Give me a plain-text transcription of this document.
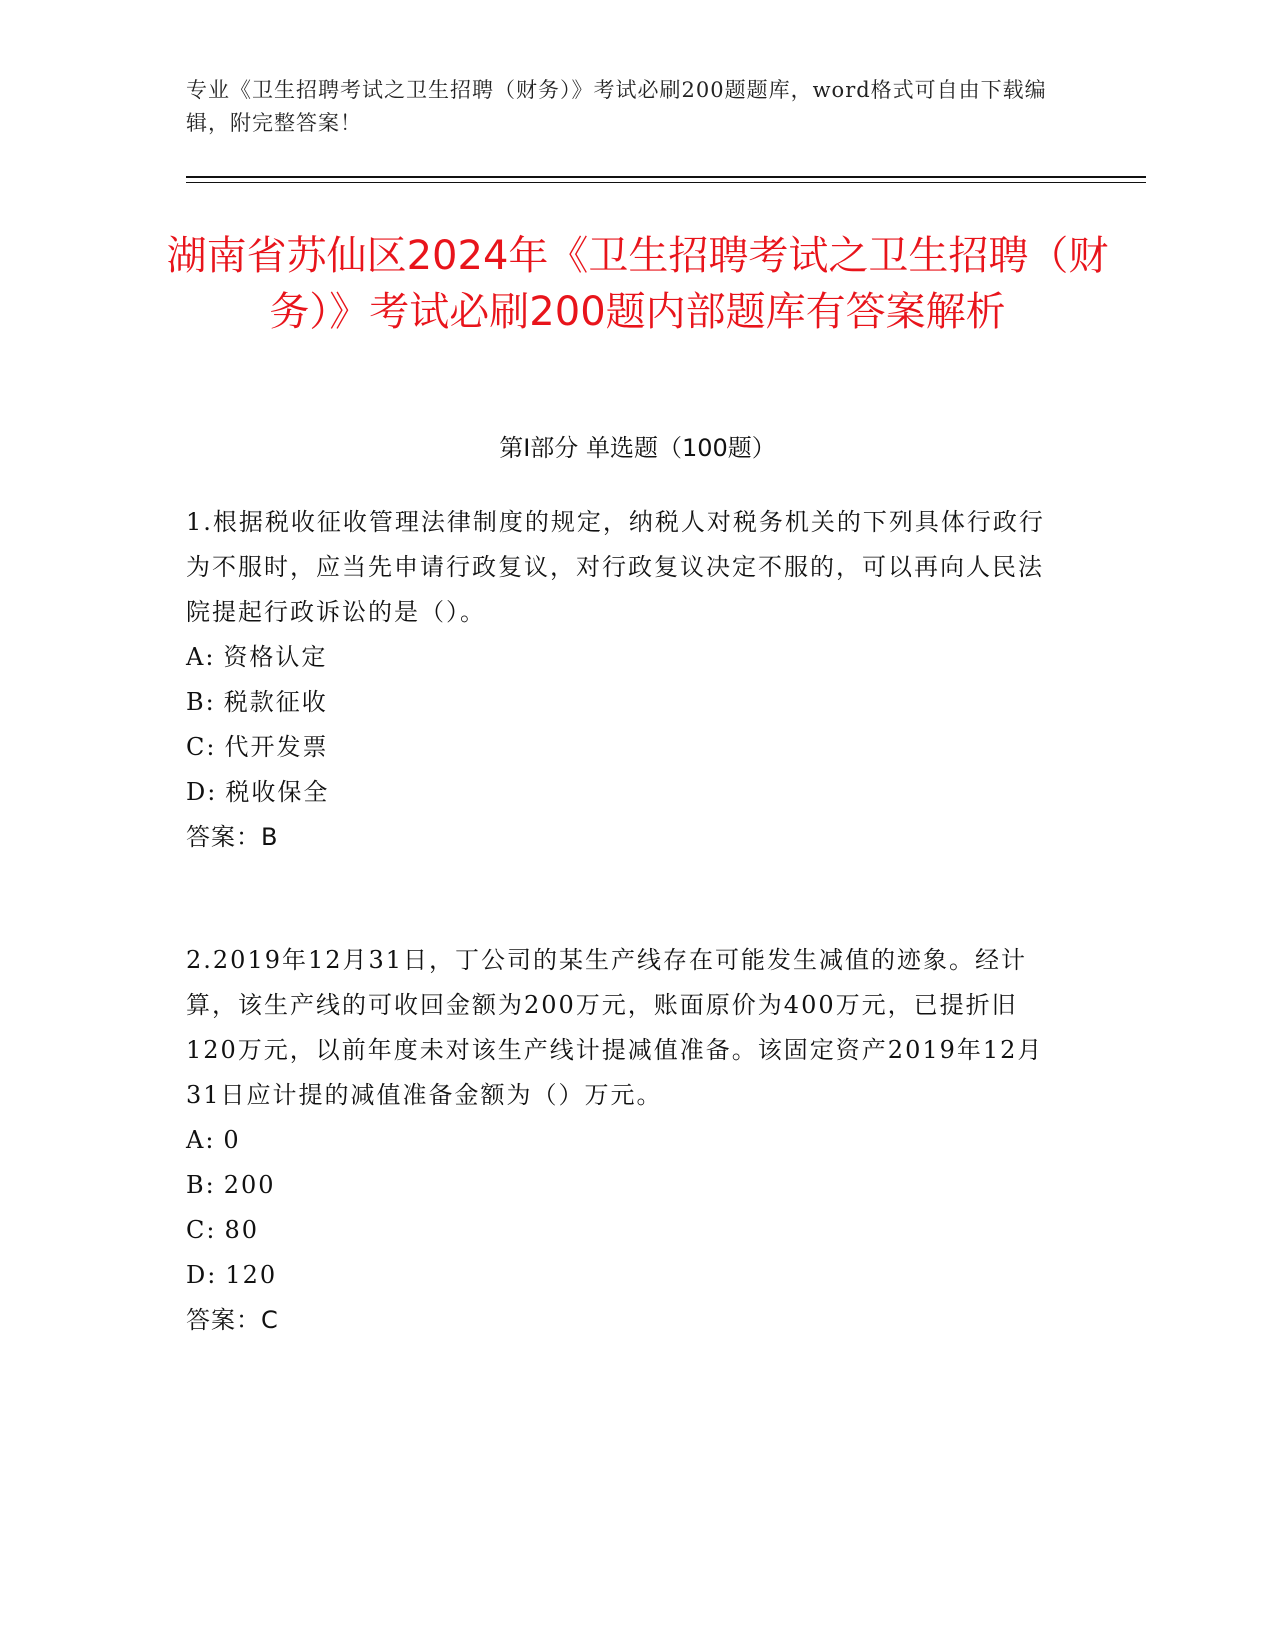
专业《卫生招聘考试之卫生招聘（财务）》考试必刷200题题库，word格式可自由下载编辑，附完整答案！
湖南省苏仙区2024年《卫生招聘考试之卫生招聘（财务）》考试必刷200题内部题库有答案解析
第Ⅰ部分 单选题（100题）

1.根据税收征收管理法律制度的规定，纳税人对税务机关的下列具体行政行为不服时，应当先申请行政复议，对行政复议决定不服的，可以再向人民法院提起行政诉讼的是（）。

A: 资格认定

B: 税款征收

C: 代开发票

D: 税收保全

答案：B

2.2019年12月31日，丁公司的某生产线存在可能发生减值的迹象。经计算，该生产线的可收回金额为200万元，账面原价为400万元，已提折旧120万元，以前年度未对该生产线计提减值准备。该固定资产2019年12月31日应计提的减值准备金额为（）万元。

A: 0

B: 200

C: 80

D: 120

答案：C
